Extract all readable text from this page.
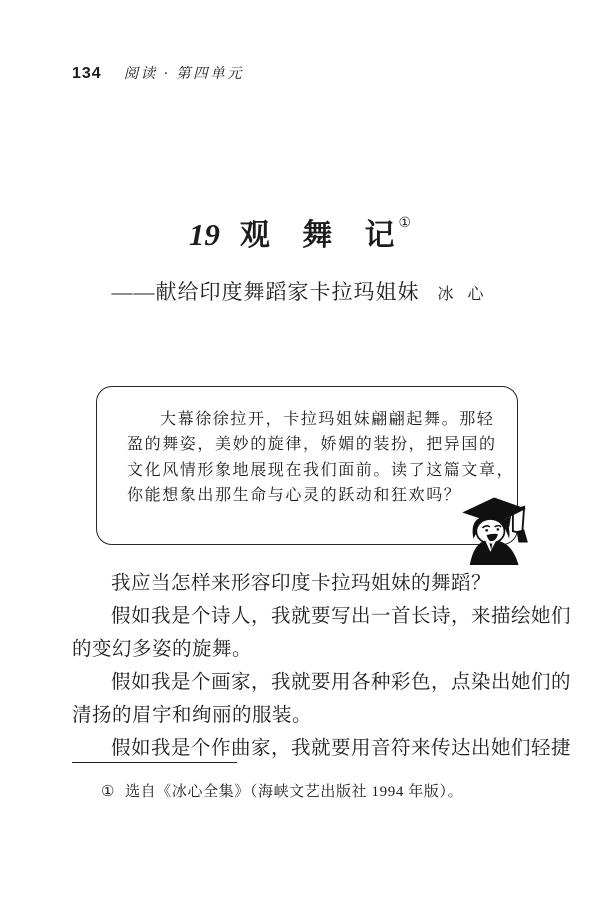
134 阅读 · 第四单元
19 观 舞 记 ①
——献给印度舞蹈家卡拉玛姐妹 冰 心
大幕徐徐拉开，卡拉玛姐妹翩翩起舞。那轻
盈的舞姿，美妙的旋律，娇媚的装扮，把异国的
文化风情形象地展现在我们面前。读了这篇文章，
你能想象出那生命与心灵的跃动和狂欢吗？

我应当怎样来形容印度卡拉玛姐妹的舞蹈？

假如我是个诗人，我就要写出一首长诗，来描绘她们
的变幻多姿的旋舞。

假如我是个画家，我就要用各种彩色，点染出她们的
清扬的眉宇和绚丽的服装。

假如我是个作曲家，我就要用音符来传达出她们轻捷

① 选自《冰心全集》（海峡文艺出版社 1994 年版）。
